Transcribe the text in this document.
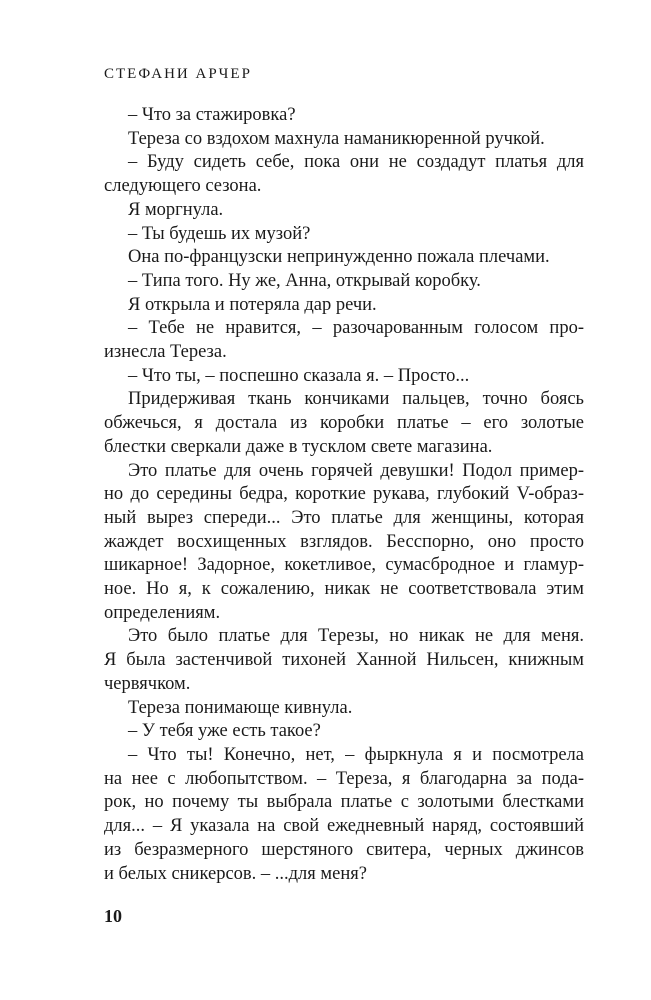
СТЕФАНИ АРЧЕР
– Что за стажировка?
Тереза со вздохом махнула наманикюренной ручкой.
– Буду сидеть себе, пока они не создадут платья для
следующего сезона.
Я моргнула.
– Ты будешь их музой?
Она по-французски непринужденно пожала плечами.
– Типа того. Ну же, Анна, открывай коробку.
Я открыла и потеряла дар речи.
– Тебе не нравится, – разочарованным голосом про-
изнесла Тереза.
– Что ты, – поспешно сказала я. – Просто...
Придерживая ткань кончиками пальцев, точно боясь
обжечься, я достала из коробки платье – его золотые
блестки сверкали даже в тусклом свете магазина.
Это платье для очень горячей девушки! Подол пример-
но до середины бедра, короткие рукава, глубокий V-образ-
ный вырез спереди... Это платье для женщины, которая
жаждет восхищенных взглядов. Бесспорно, оно просто
шикарное! Задорное, кокетливое, сумасбродное и гламур-
ное. Но я, к сожалению, никак не соответствовала этим
определениям.
Это было платье для Терезы, но никак не для меня.
Я была застенчивой тихоней Ханной Нильсен, книжным
червячком.
Тереза понимающе кивнула.
– У тебя уже есть такое?
– Что ты! Конечно, нет, – фыркнула я и посмотрела
на нее с любопытством. – Тереза, я благодарна за пода-
рок, но почему ты выбрала платье с золотыми блестками
для... – Я указала на свой ежедневный наряд, состоявший
из безразмерного шерстяного свитера, черных джинсов
и белых сникерсов. – ...для меня?
10
